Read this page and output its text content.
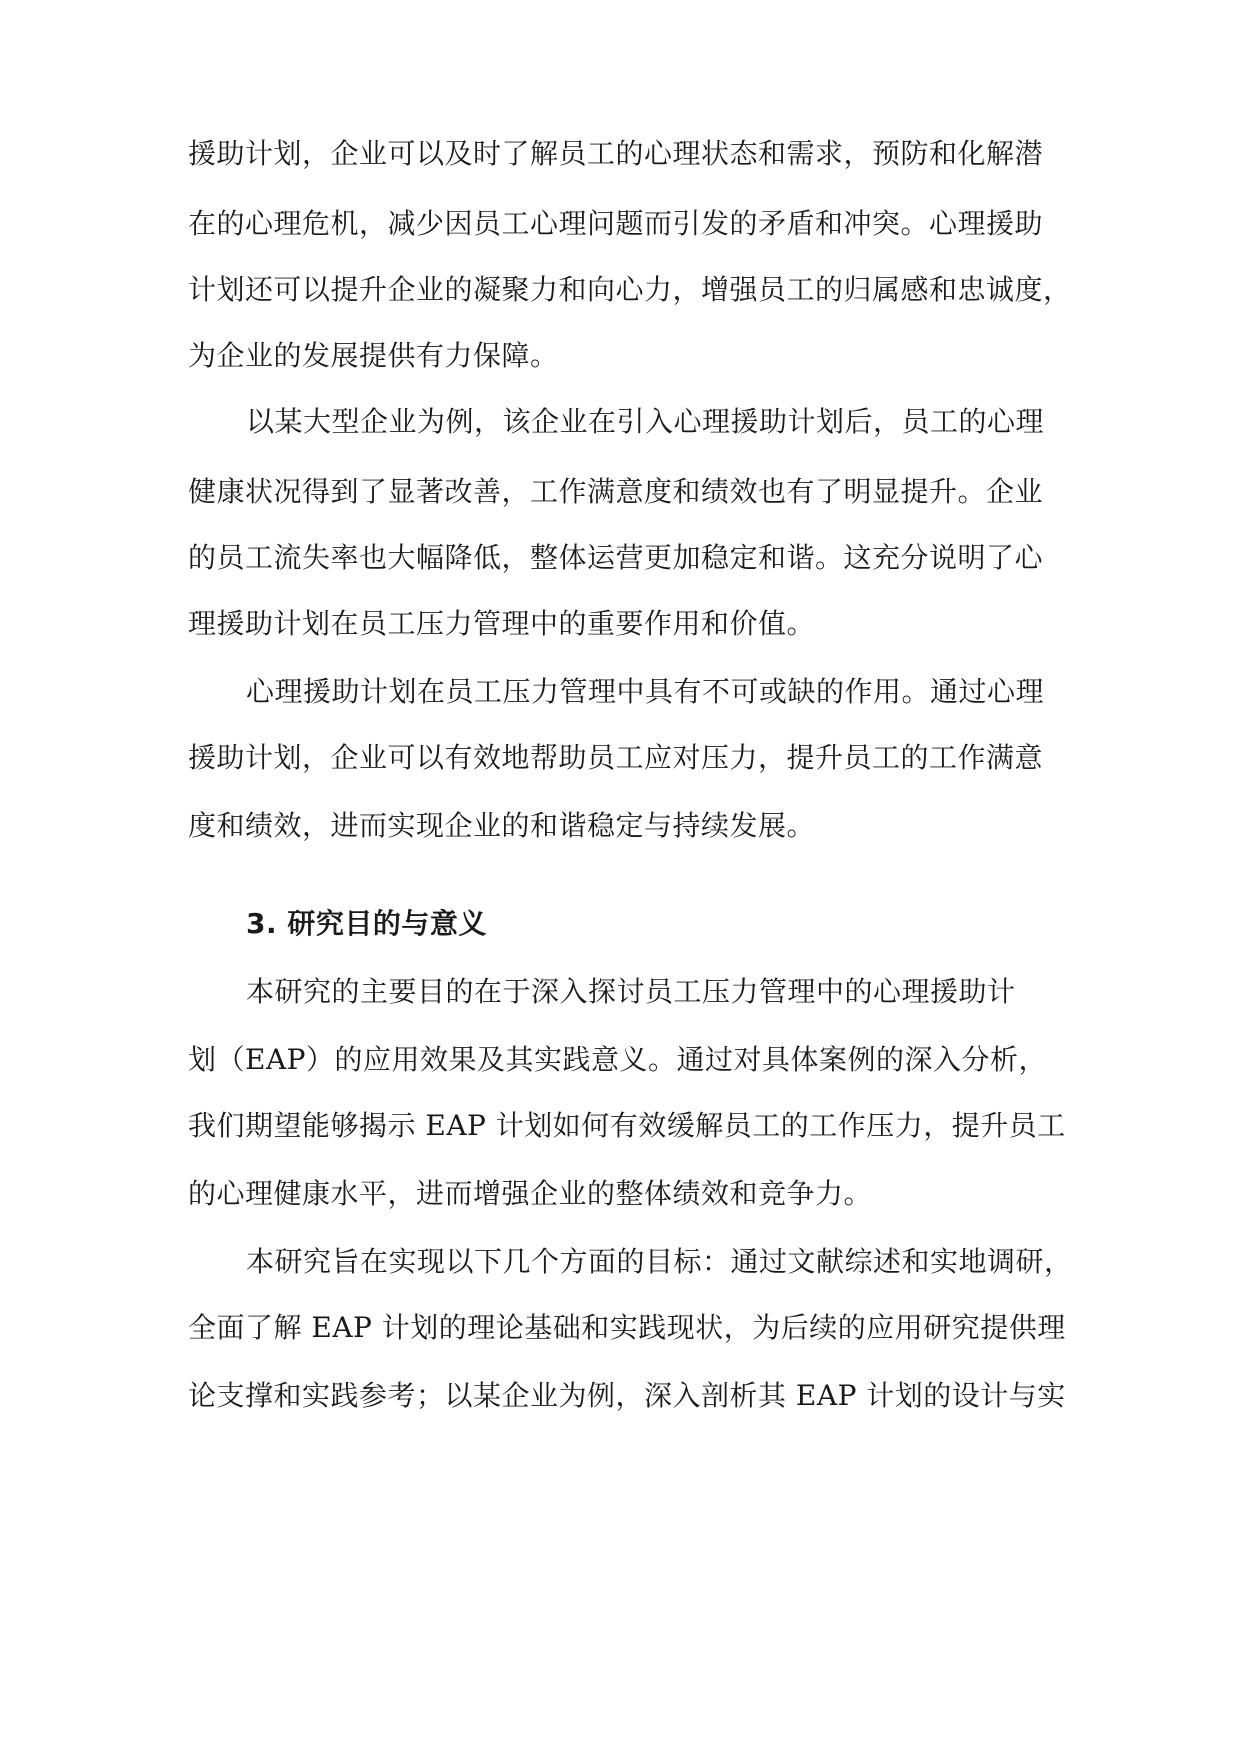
援助计划，企业可以及时了解员工的心理状态和需求，预防和化解潜
在的心理危机，减少因员工心理问题而引发的矛盾和冲突。心理援助
计划还可以提升企业的凝聚力和向心力，增强员工的归属感和忠诚度，
为企业的发展提供有力保障。
以某大型企业为例，该企业在引入心理援助计划后，员工的心理
健康状况得到了显著改善，工作满意度和绩效也有了明显提升。企业
的员工流失率也大幅降低，整体运营更加稳定和谐。这充分说明了心
理援助计划在员工压力管理中的重要作用和价值。
心理援助计划在员工压力管理中具有不可或缺的作用。通过心理
援助计划，企业可以有效地帮助员工应对压力，提升员工的工作满意
度和绩效，进而实现企业的和谐稳定与持续发展。
3. 研究目的与意义
本研究的主要目的在于深入探讨员工压力管理中的心理援助计
划（EAP）的应用效果及其实践意义。通过对具体案例的深入分析，
我们期望能够揭示 EAP 计划如何有效缓解员工的工作压力，提升员工
的心理健康水平，进而增强企业的整体绩效和竞争力。
本研究旨在实现以下几个方面的目标：通过文献综述和实地调研，
全面了解 EAP 计划的理论基础和实践现状，为后续的应用研究提供理
论支撑和实践参考；以某企业为例，深入剖析其 EAP 计划的设计与实
